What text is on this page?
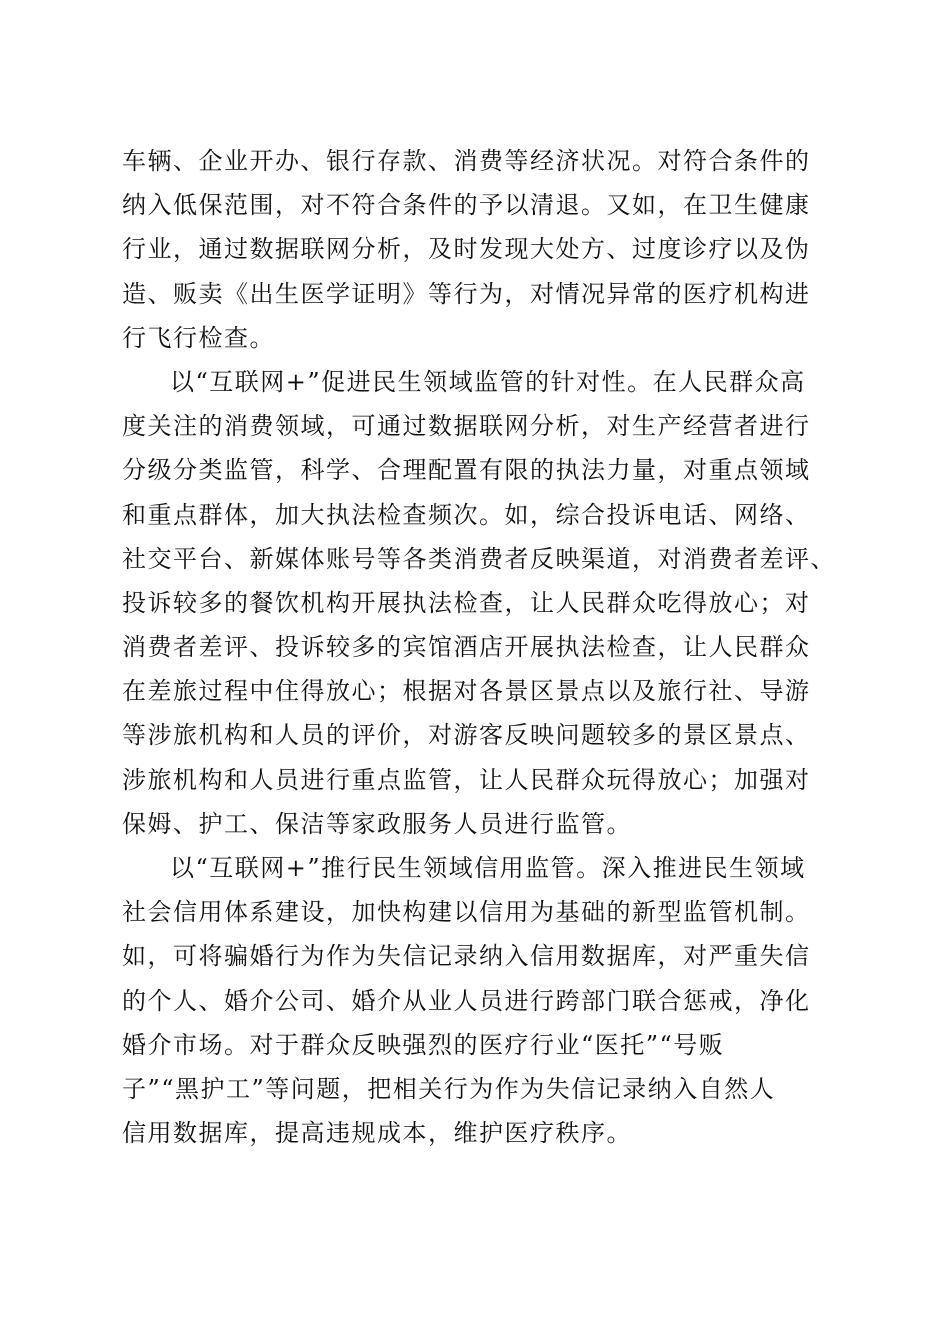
车辆、企业开办、银行存款、消费等经济状况。对符合条件的
纳入低保范围，对不符合条件的予以清退。又如，在卫生健康
行业，通过数据联网分析，及时发现大处方、过度诊疗以及伪
造、贩卖《出生医学证明》等行为，对情况异常的医疗机构进
行飞行检查。
以“互联网+”促进民生领域监管的针对性。在人民群众高
度关注的消费领域，可通过数据联网分析，对生产经营者进行
分级分类监管，科学、合理配置有限的执法力量，对重点领域
和重点群体，加大执法检查频次。如，综合投诉电话、网络、
社交平台、新媒体账号等各类消费者反映渠道，对消费者差评、
投诉较多的餐饮机构开展执法检查，让人民群众吃得放心；对
消费者差评、投诉较多的宾馆酒店开展执法检查，让人民群众
在差旅过程中住得放心；根据对各景区景点以及旅行社、导游
等涉旅机构和人员的评价，对游客反映问题较多的景区景点、
涉旅机构和人员进行重点监管，让人民群众玩得放心；加强对
保姆、护工、保洁等家政服务人员进行监管。
以“互联网+”推行民生领域信用监管。深入推进民生领域
社会信用体系建设，加快构建以信用为基础的新型监管机制。
如，可将骗婚行为作为失信记录纳入信用数据库，对严重失信
的个人、婚介公司、婚介从业人员进行跨部门联合惩戒，净化
婚介市场。对于群众反映强烈的医疗行业“医托”“号贩
子”“黑护工”等问题，把相关行为作为失信记录纳入自然人
信用数据库，提高违规成本，维护医疗秩序。
